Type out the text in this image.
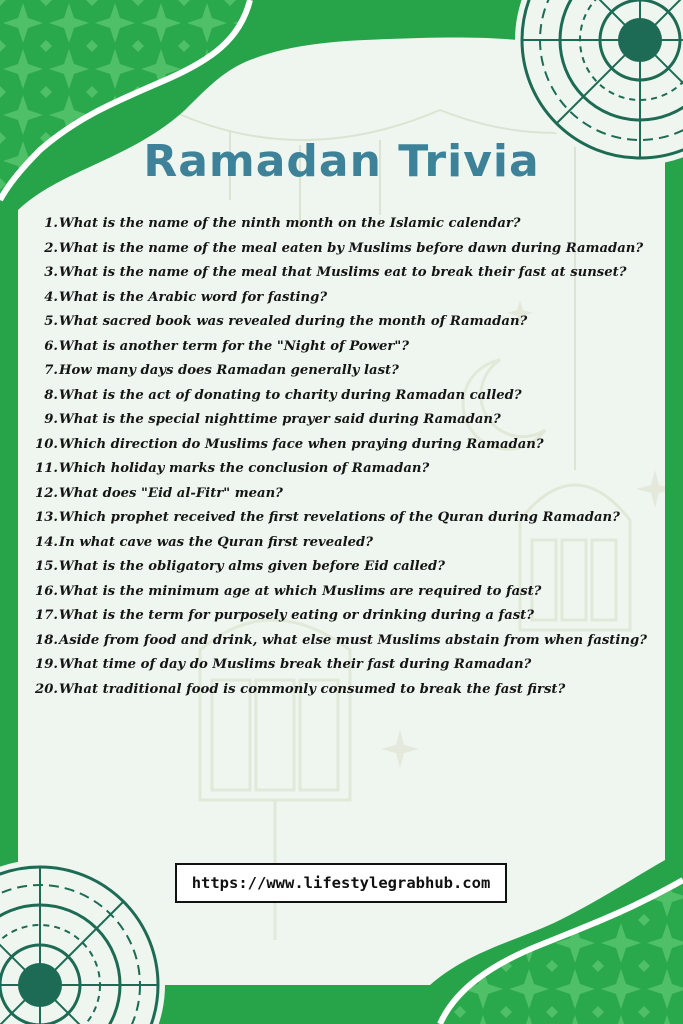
Ramadan Trivia
1. What is the name of the ninth month on the Islamic calendar?
2. What is the name of the meal eaten by Muslims before dawn during Ramadan?
3. What is the name of the meal that Muslims eat to break their fast at sunset?
4. What is the Arabic word for fasting?
5. What sacred book was revealed during the month of Ramadan?
6. What is another term for the "Night of Power"?
7. How many days does Ramadan generally last?
8. What is the act of donating to charity during Ramadan called?
9. What is the special nighttime prayer said during Ramadan?
10. Which direction do Muslims face when praying during Ramadan?
11. Which holiday marks the conclusion of Ramadan?
12. What does "Eid al-Fitr" mean?
13. Which prophet received the first revelations of the Quran during Ramadan?
14. In what cave was the Quran first revealed?
15. What is the obligatory alms given before Eid called?
16. What is the minimum age at which Muslims are required to fast?
17. What is the term for purposely eating or drinking during a fast?
18. Aside from food and drink, what else must Muslims abstain from when fasting?
19. What time of day do Muslims break their fast during Ramadan?
20. What traditional food is commonly consumed to break the fast first?
https://www.lifestylegrabhub.com
